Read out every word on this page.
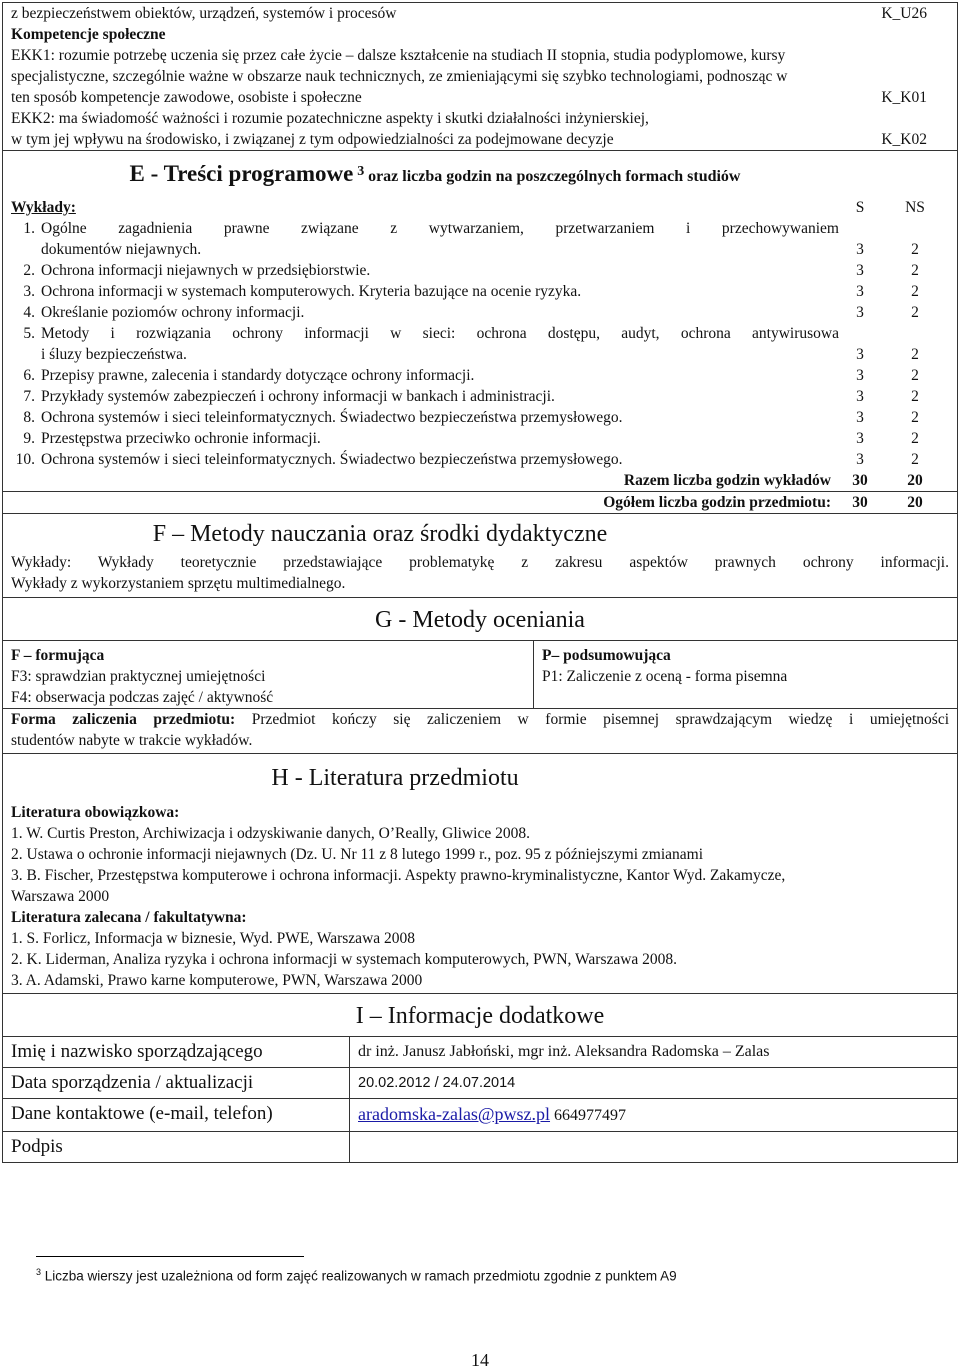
z bezpieczeństwem obiektów, urządzeń, systemów i procesów	K_U26
Kompetencje społeczne
EKK1: rozumie potrzebę uczenia się przez całe życie – dalsze kształcenie na studiach II stopnia, studia podyplomowe, kursy
specjalistyczne, szczególnie ważne w obszarze nauk technicznych, ze zmieniającymi się szybko technologiami, podnosząc w
ten sposób kompetencje zawodowe, osobiste i społeczne	K_K01
EKK2: ma świadomość ważności i rozumie pozatechniczne aspekty i skutki działalności inżynierskiej,
w tym jej wpływu na środowisko, i związanej z tym odpowiedzialności za podejmowane decyzje	K_K02

E - Treści programowe $^3$ oraz liczba godzin na poszczególnych formach studiów
Wykłady:	S	NS
1. Ogólne zagadnienia prawne związane z wytwarzaniem, przetwarzaniem i przechowywaniem
dokumentów niejawnych.	3	2
2. Ochrona informacji niejawnych w przedsiębiorstwie.	3	2
3. Ochrona informacji w systemach komputerowych. Kryteria bazujące na ocenie ryzyka.	3	2
4. Określanie poziomów ochrony informacji.	3	2
5. Metody i rozwiązania ochrony informacji w sieci: ochrona dostępu, audyt, ochrona antywirusowa
i śluzy bezpieczeństwa.	3	2
6. Przepisy prawne, zalecenia i standardy dotyczące ochrony informacji.	3	2
7. Przykłady systemów zabezpieczeń i ochrony informacji w bankach i administracji.	3	2
8. Ochrona systemów i sieci teleinformatycznych. Świadectwo bezpieczeństwa przemysłowego.	3	2
9. Przestępstwa przeciwko ochronie informacji.	3	2
10. Ochrona systemów i sieci teleinformatycznych. Świadectwo bezpieczeństwa przemysłowego.	3	2
Razem liczba godzin wykładów	30	20

Ogółem liczba godzin przedmiotu:	30	20

F – Metody nauczania oraz środki dydaktyczne
Wykłady: Wykłady teoretycznie przedstawiające problematykę z zakresu aspektów prawnych ochrony informacji.
Wykłady z wykorzystaniem sprzętu multimedialnego.

G - Metody oceniania

F – formująca
F3: sprawdzian praktycznej umiejętności
F4: obserwacja podczas zajęć / aktywność

P– podsumowująca
P1: Zaliczenie z oceną - forma pisemna

Forma zaliczenia przedmiotu: Przedmiot kończy się zaliczeniem w formie pisemnej sprawdzającym wiedzę i umiejętności
studentów nabyte w trakcie wykładów.

H - Literatura przedmiotu
Literatura obowiązkowa:
1. W. Curtis Preston, Archiwizacja i odzyskiwanie danych, O’Really, Gliwice 2008.
2. Ustawa o ochronie informacji niejawnych (Dz. U. Nr 11 z 8 lutego 1999 r., poz. 95 z późniejszymi zmianami
3. B. Fischer, Przestępstwa komputerowe i ochrona informacji. Aspekty prawno-kryminalistyczne, Kantor Wyd. Zakamycze,
Warszawa 2000
Literatura zalecana / fakultatywna:
1. S. Forlicz, Informacja w biznesie, Wyd. PWE, Warszawa 2008
2. K. Liderman, Analiza ryzyka i ochrona informacji w systemach komputerowych, PWN, Warszawa 2008.
3. A. Adamski, Prawo karne komputerowe, PWN, Warszawa 2000

I – Informacje dodatkowe

Imię i nazwisko sporządzającego	dr inż. Janusz Jabłoński, mgr inż. Aleksandra Radomska – Zalas
Data sporządzenia / aktualizacji	20.02.2012 / 24.07.2014
Dane kontaktowe (e-mail, telefon)	aradomska-zalas@pwsz.pl 664977497
Podpis	
$^3$ Liczba wierszy jest uzależniona od form zajęć realizowanych w ramach przedmiotu zgodnie z punktem A9
14
